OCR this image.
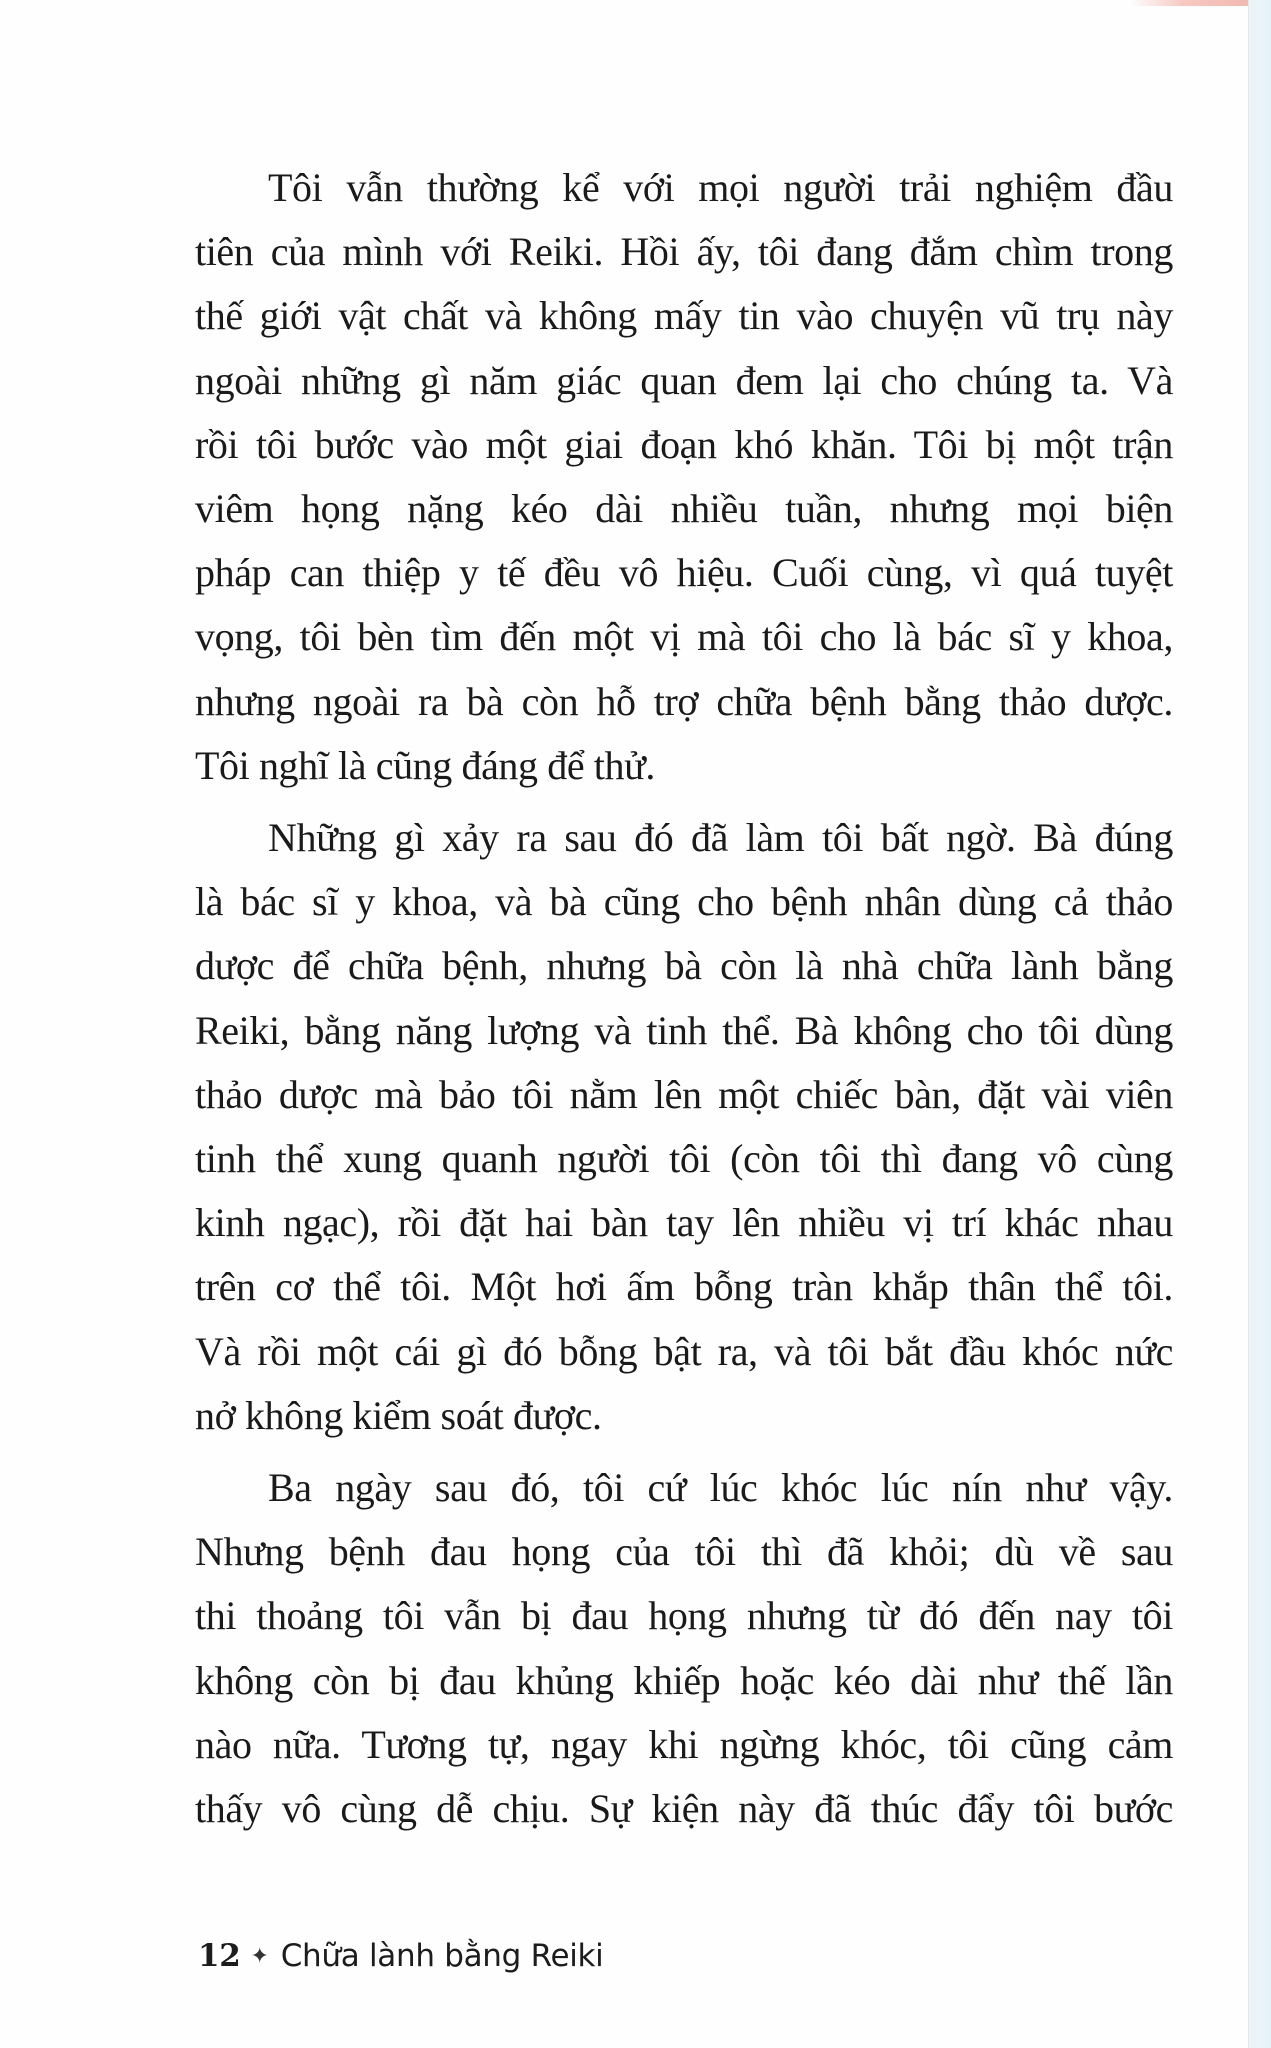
Tôi vẫn thường kể với mọi người trải nghiệm đầu
tiên của mình với Reiki. Hồi ấy, tôi đang đắm chìm trong
thế giới vật chất và không mấy tin vào chuyện vũ trụ này
ngoài những gì năm giác quan đem lại cho chúng ta. Và
rồi tôi bước vào một giai đoạn khó khăn. Tôi bị một trận
viêm họng nặng kéo dài nhiều tuần, nhưng mọi biện
pháp can thiệp y tế đều vô hiệu. Cuối cùng, vì quá tuyệt
vọng, tôi bèn tìm đến một vị mà tôi cho là bác sĩ y khoa,
nhưng ngoài ra bà còn hỗ trợ chữa bệnh bằng thảo dược.
Tôi nghĩ là cũng đáng để thử.
Những gì xảy ra sau đó đã làm tôi bất ngờ. Bà đúng
là bác sĩ y khoa, và bà cũng cho bệnh nhân dùng cả thảo
dược để chữa bệnh, nhưng bà còn là nhà chữa lành bằng
Reiki, bằng năng lượng và tinh thể. Bà không cho tôi dùng
thảo dược mà bảo tôi nằm lên một chiếc bàn, đặt vài viên
tinh thể xung quanh người tôi (còn tôi thì đang vô cùng
kinh ngạc), rồi đặt hai bàn tay lên nhiều vị trí khác nhau
trên cơ thể tôi. Một hơi ấm bỗng tràn khắp thân thể tôi.
Và rồi một cái gì đó bỗng bật ra, và tôi bắt đầu khóc nức
nở không kiểm soát được.
Ba ngày sau đó, tôi cứ lúc khóc lúc nín như vậy.
Nhưng bệnh đau họng của tôi thì đã khỏi; dù về sau
thi thoảng tôi vẫn bị đau họng nhưng từ đó đến nay tôi
không còn bị đau khủng khiếp hoặc kéo dài như thế lần
nào nữa. Tương tự, ngay khi ngừng khóc, tôi cũng cảm
thấy vô cùng dễ chịu. Sự kiện này đã thúc đẩy tôi bước
12 ✦ Chữa lành bằng Reiki
